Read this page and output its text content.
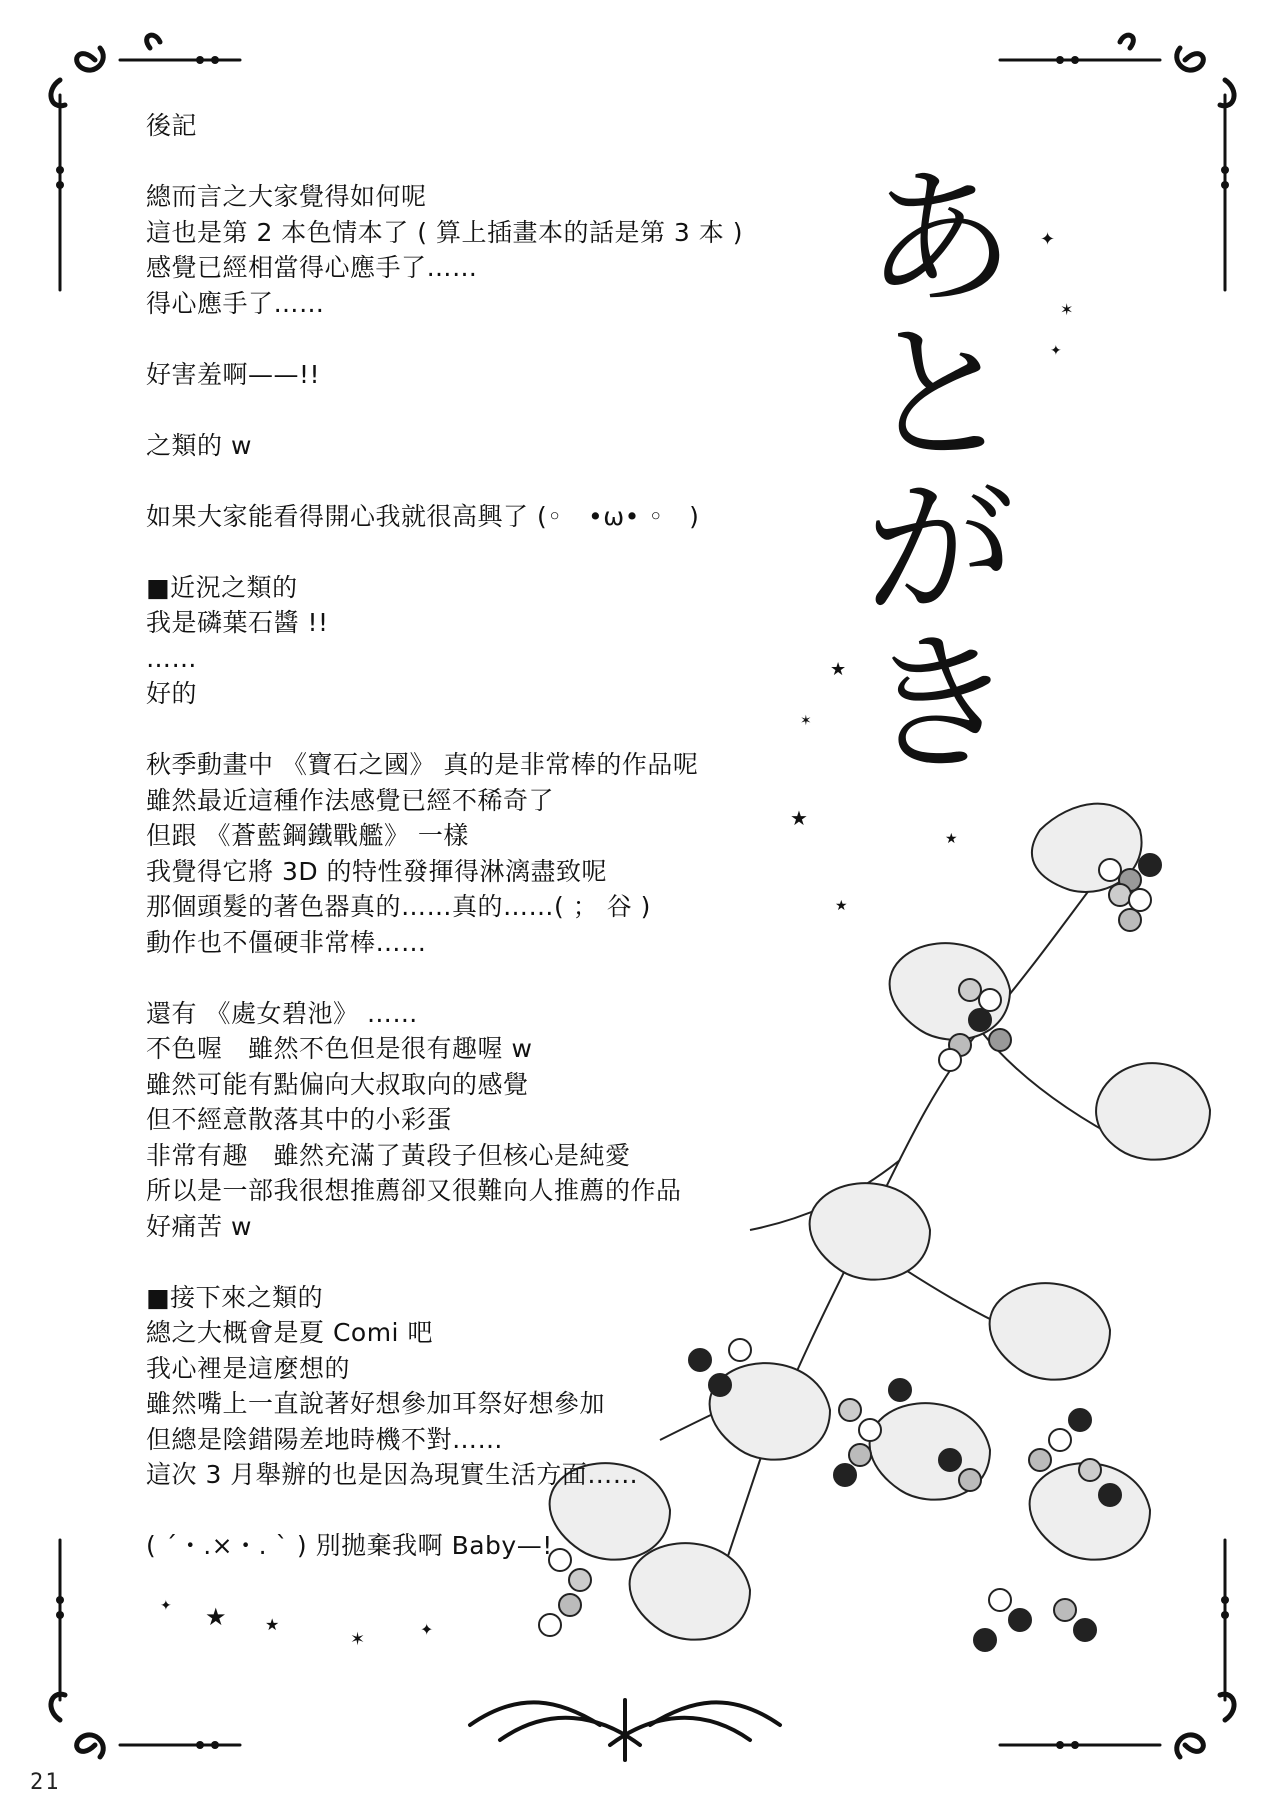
✦
✶
✦
★
✶
★
★
★
★ ★
✦
✶	✦
後記
總而言之大家覺得如何呢
這也是第 2 本色情本了 ( 算上插畫本的話是第 3 本 )
感覺已經相當得心應手了……
得心應手了……
好害羞啊——!!
之類的 w
如果大家能看得開心我就很高興了 (◦　•ω• ◦　)
■近況之類的
我是磷葉石醬 !!
……
好的
秋季動畫中 《寶石之國》 真的是非常棒的作品呢
雖然最近這種作法感覺已經不稀奇了
但跟 《蒼藍鋼鐵戰艦》 一樣
我覺得它將 3D 的特性發揮得淋漓盡致呢
那個頭髮的著色器真的……真的……( ； 谷 )
動作也不僵硬非常棒……
還有 《處女碧池》 ……
不色喔　雖然不色但是很有趣喔 w
雖然可能有點偏向大叔取向的感覺
但不經意散落其中的小彩蛋
非常有趣　雖然充滿了黃段子但核心是純愛
所以是一部我很想推薦卻又很難向人推薦的作品
好痛苦 w
■接下來之類的
總之大概會是夏 Comi 吧
我心裡是這麼想的
雖然嘴上一直說著好想參加耳祭好想參加
但總是陰錯陽差地時機不對……
這次 3 月舉辦的也是因為現實生活方面……
( ´・.×・. ` ) 別拋棄我啊 Baby—!
あ
と
が
き
21
